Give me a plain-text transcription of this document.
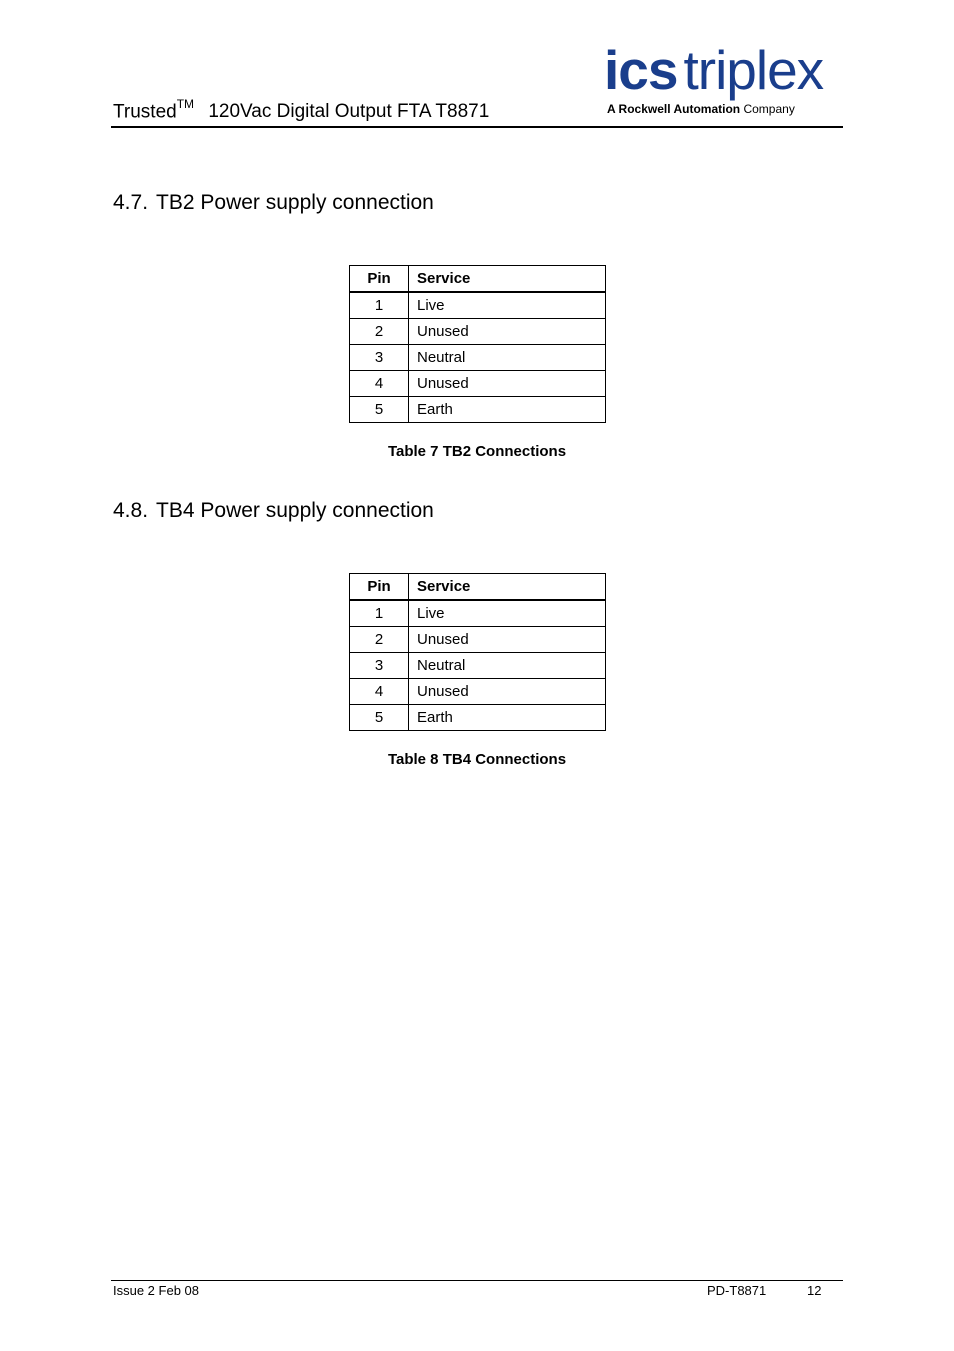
Trusted™ 120Vac Digital Output FTA T8871
ics triplex
A Rockwell Automation Company
4.7. TB2 Power supply connection
Pin	Service
1	Live
2	Unused
3	Neutral
4	Unused
5	Earth
Table 7 TB2 Connections
4.8. TB4 Power supply connection
Pin	Service
1	Live
2	Unused
3	Neutral
4	Unused
5	Earth
Table 8 TB4 Connections
Issue 2 Feb 08	PD-T8871	12
